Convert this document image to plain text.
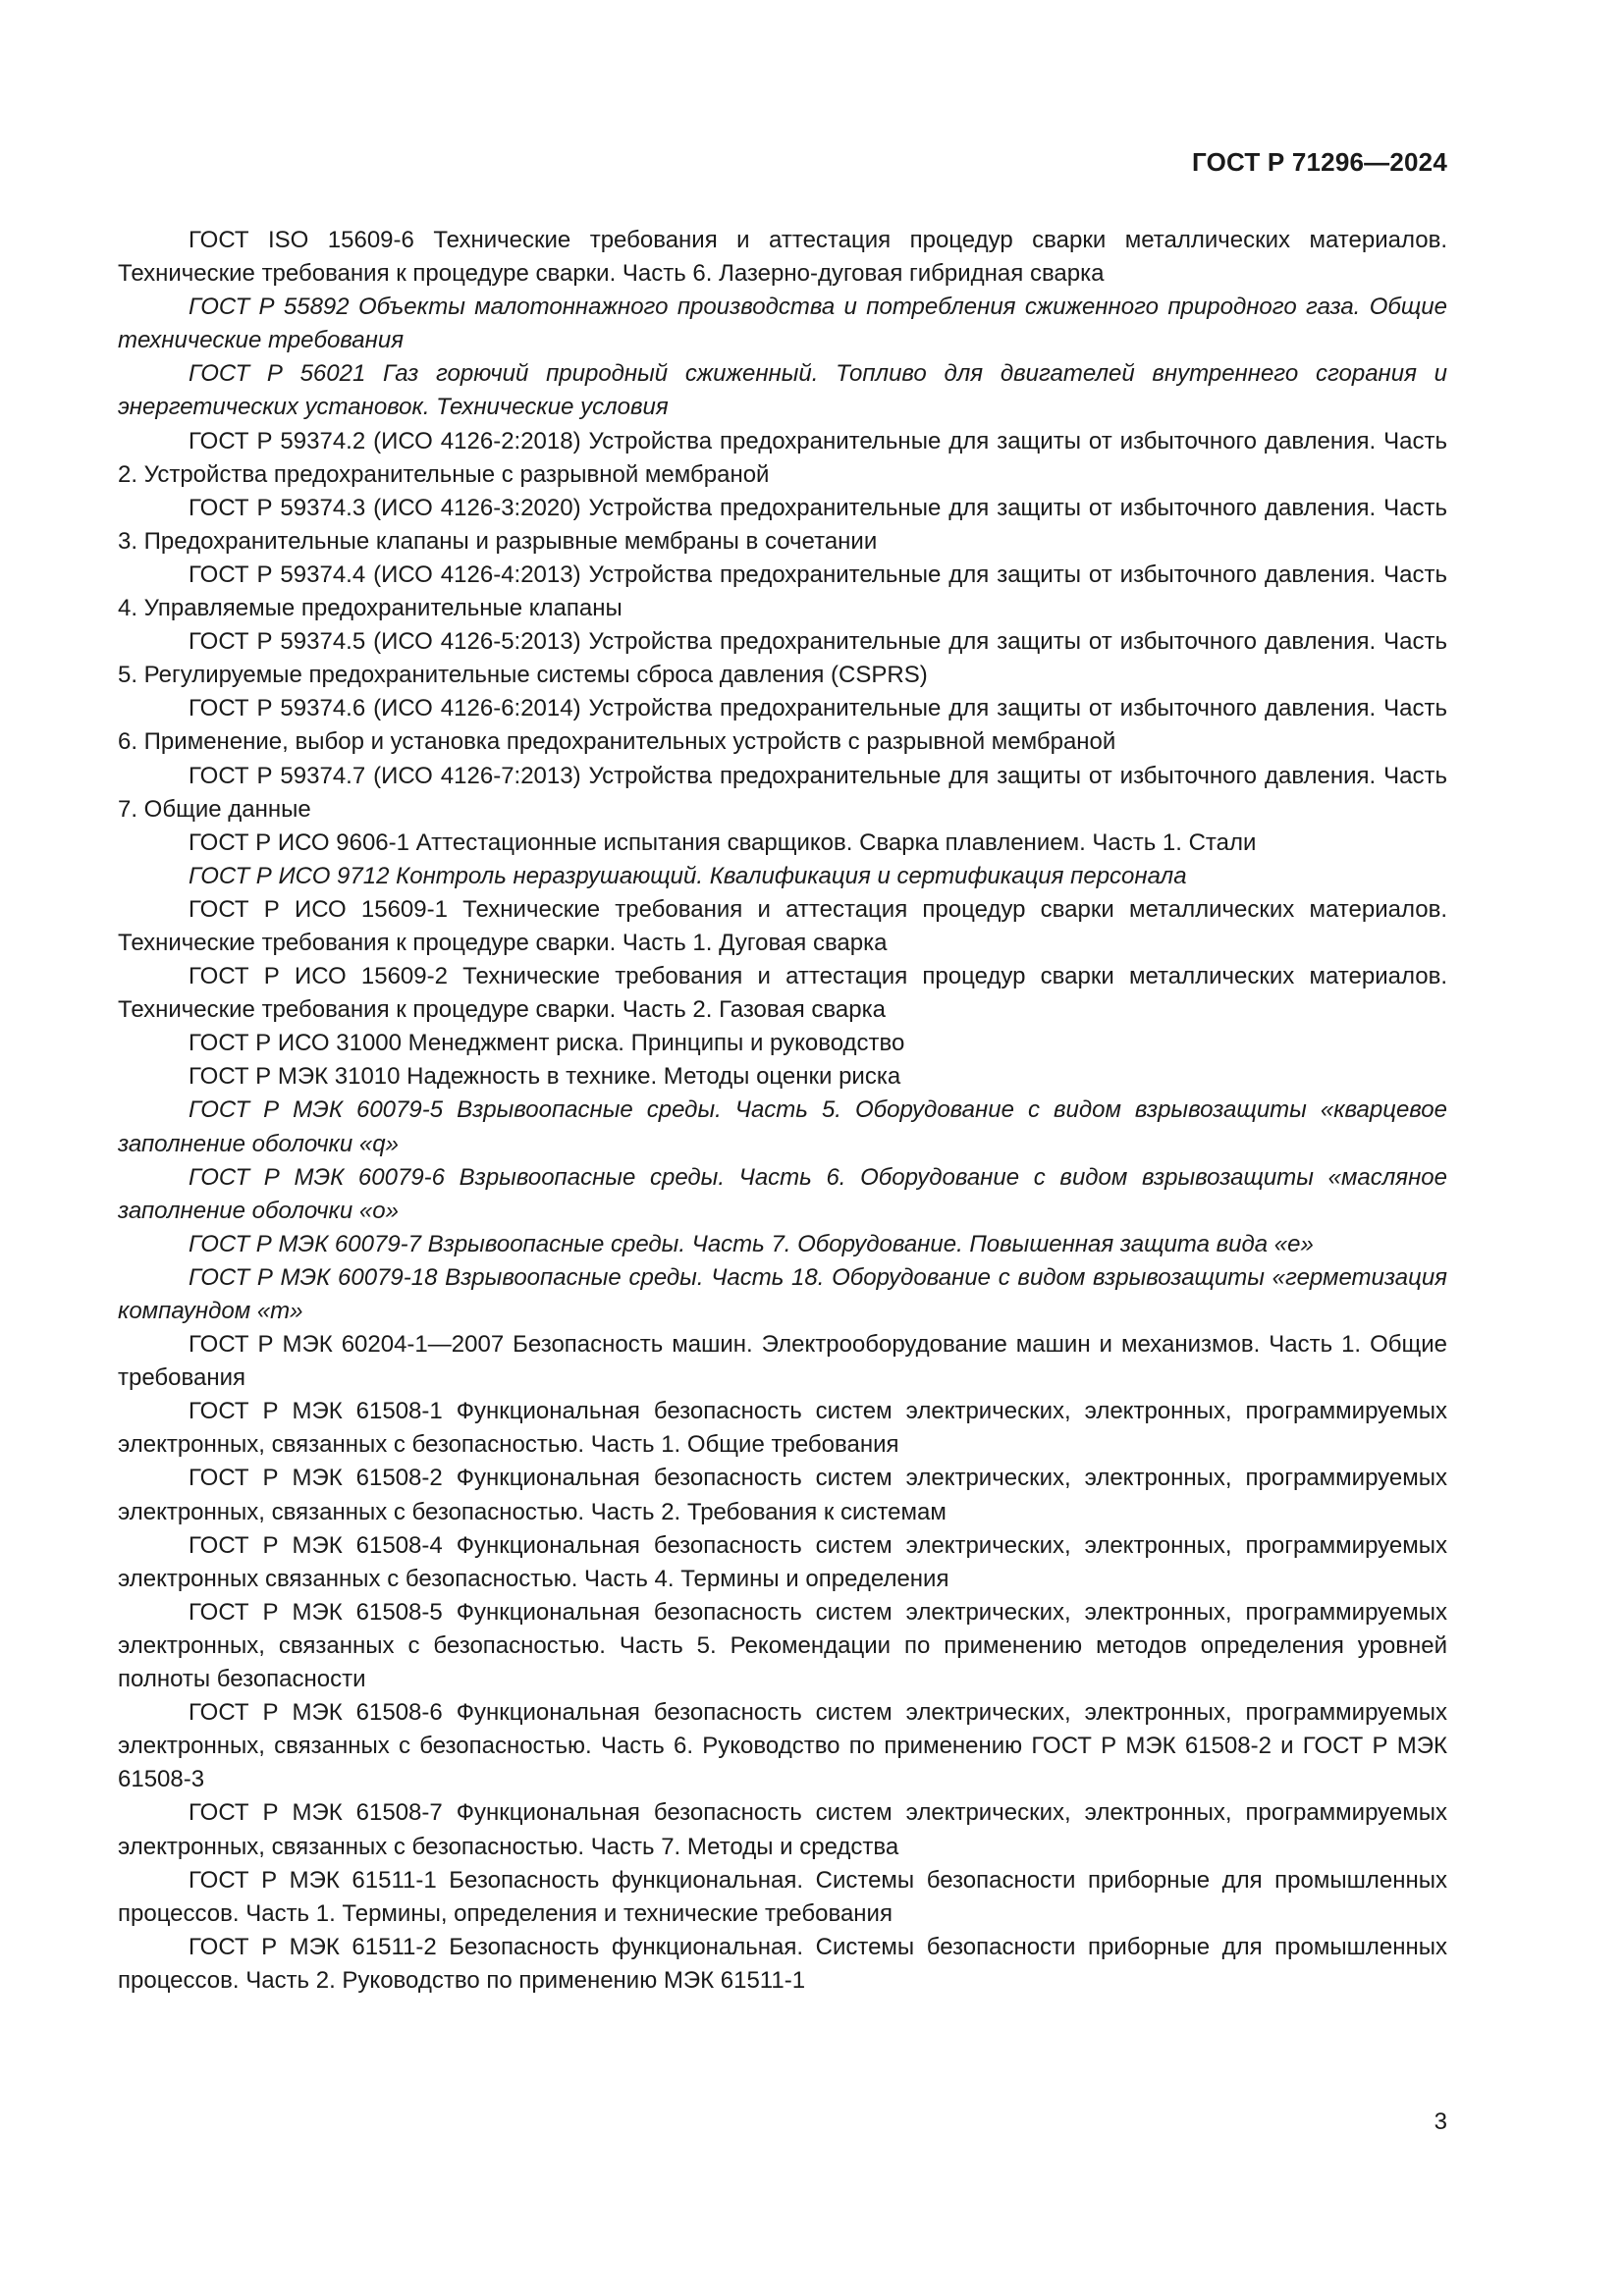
ГОСТ Р 71296—2024

ГОСТ ISO 15609-6 Технические требования и аттестация процедур сварки металлических материалов. Технические требования к процедуре сварки. Часть 6. Лазерно-дуговая гибридная сварка

ГОСТ Р 55892 Объекты малотоннажного производства и потребления сжиженного природного газа. Общие технические требования

ГОСТ Р 56021 Газ горючий природный сжиженный. Топливо для двигателей внутреннего сгорания и энергетических установок. Технические условия

ГОСТ Р 59374.2 (ИСО 4126-2:2018) Устройства предохранительные для защиты от избыточного давления. Часть 2. Устройства предохранительные с разрывной мембраной

ГОСТ Р 59374.3 (ИСО 4126-3:2020) Устройства предохранительные для защиты от избыточного давления. Часть 3. Предохранительные клапаны и разрывные мембраны в сочетании

ГОСТ Р 59374.4 (ИСО 4126-4:2013) Устройства предохранительные для защиты от избыточного давления. Часть 4. Управляемые предохранительные клапаны

ГОСТ Р 59374.5 (ИСО 4126-5:2013) Устройства предохранительные для защиты от избыточного давления. Часть 5. Регулируемые предохранительные системы сброса давления (CSPRS)

ГОСТ Р 59374.6 (ИСО 4126-6:2014) Устройства предохранительные для защиты от избыточного давления. Часть 6. Применение, выбор и установка предохранительных устройств с разрывной мембраной

ГОСТ Р 59374.7 (ИСО 4126-7:2013) Устройства предохранительные для защиты от избыточного давления. Часть 7. Общие данные

ГОСТ Р ИСО 9606-1 Аттестационные испытания сварщиков. Сварка плавлением. Часть 1. Стали

ГОСТ Р ИСО 9712 Контроль неразрушающий. Квалификация и сертификация персонала

ГОСТ Р ИСО 15609-1 Технические требования и аттестация процедур сварки металлических материалов. Технические требования к процедуре сварки. Часть 1. Дуговая сварка

ГОСТ Р ИСО 15609-2 Технические требования и аттестация процедур сварки металлических материалов. Технические требования к процедуре сварки. Часть 2. Газовая сварка

ГОСТ Р ИСО 31000 Менеджмент риска. Принципы и руководство

ГОСТ Р МЭК 31010 Надежность в технике. Методы оценки риска

ГОСТ Р МЭК 60079-5 Взрывоопасные среды. Часть 5. Оборудование с видом взрывозащиты «кварцевое заполнение оболочки «q»

ГОСТ Р МЭК 60079-6 Взрывоопасные среды. Часть 6. Оборудование с видом взрывозащиты «масляное заполнение оболочки «o»

ГОСТ Р МЭК 60079-7 Взрывоопасные среды. Часть 7. Оборудование. Повышенная защита вида «е»

ГОСТ Р МЭК 60079-18 Взрывоопасные среды. Часть 18. Оборудование с видом взрывозащиты «герметизация компаундом «m»

ГОСТ Р МЭК 60204-1—2007 Безопасность машин. Электрооборудование машин и механизмов. Часть 1. Общие требования

ГОСТ Р МЭК 61508-1 Функциональная безопасность систем электрических, электронных, программируемых электронных, связанных с безопасностью. Часть 1. Общие требования

ГОСТ Р МЭК 61508-2 Функциональная безопасность систем электрических, электронных, программируемых электронных, связанных с безопасностью. Часть 2. Требования к системам

ГОСТ Р МЭК 61508-4 Функциональная безопасность систем электрических, электронных, программируемых электронных связанных с безопасностью. Часть 4. Термины и определения

ГОСТ Р МЭК 61508-5 Функциональная безопасность систем электрических, электронных, программируемых электронных, связанных с безопасностью. Часть 5. Рекомендации по применению методов определения уровней полноты безопасности

ГОСТ Р МЭК 61508-6 Функциональная безопасность систем электрических, электронных, программируемых электронных, связанных с безопасностью. Часть 6. Руководство по применению ГОСТ Р МЭК 61508-2 и ГОСТ Р МЭК 61508-3

ГОСТ Р МЭК 61508-7 Функциональная безопасность систем электрических, электронных, программируемых электронных, связанных с безопасностью. Часть 7. Методы и средства

ГОСТ Р МЭК 61511-1 Безопасность функциональная. Системы безопасности приборные для промышленных процессов. Часть 1. Термины, определения и технические требования

ГОСТ Р МЭК 61511-2 Безопасность функциональная. Системы безопасности приборные для промышленных процессов. Часть 2. Руководство по применению МЭК 61511-1

3
